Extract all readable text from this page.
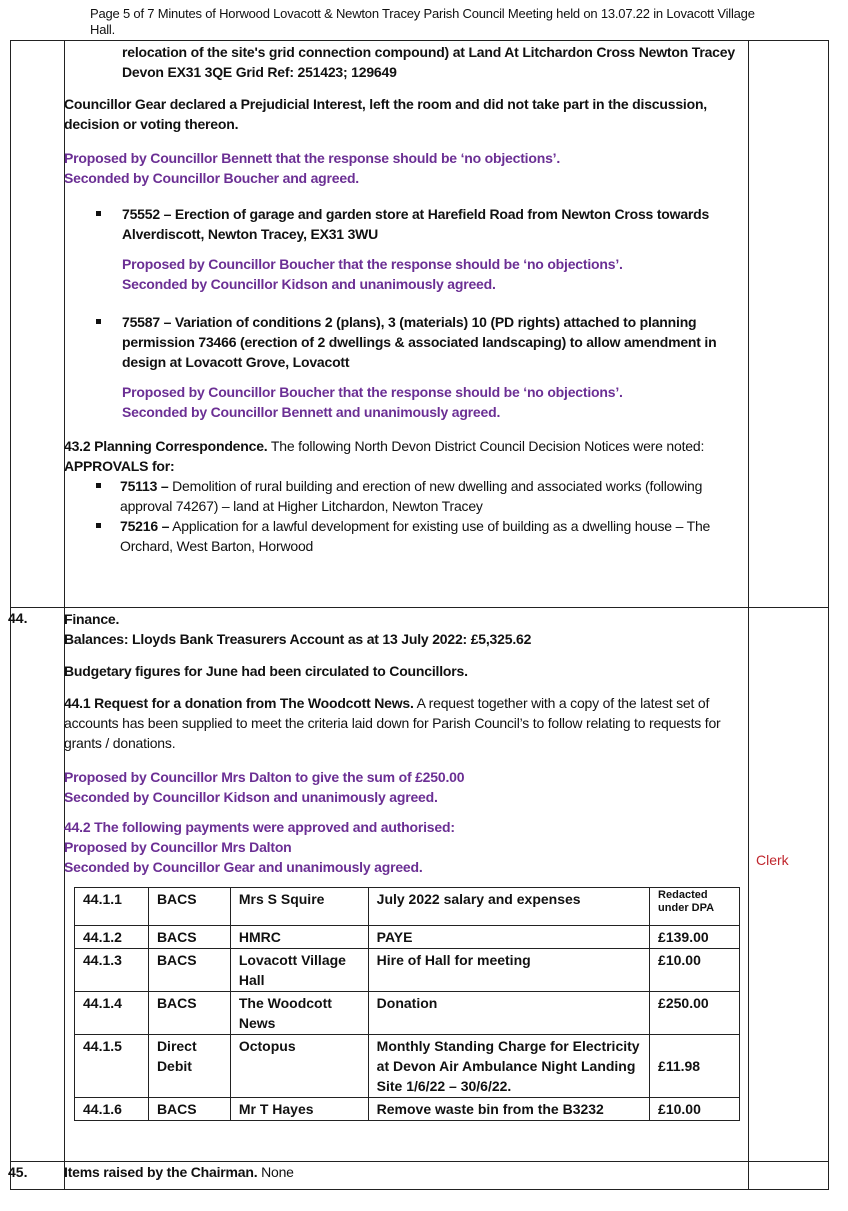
Page 5 of 7 Minutes of Horwood Lovacott & Newton Tracey Parish Council Meeting held on 13.07.22 in Lovacott Village Hall.

relocation of the site's grid connection compound) at Land At Litchardon Cross Newton Tracey Devon EX31 3QE Grid Ref: 251423; 129649

Councillor Gear declared a Prejudicial Interest, left the room and did not take part in the discussion, decision or voting thereon.

Proposed by Councillor Bennett that the response should be ‘no objections’.

Seconded by Councillor Boucher and agreed.

75552 – Erection of garage and garden store at Harefield Road from Newton Cross towards Alverdiscott, Newton Tracey, EX31 3WU

Proposed by Councillor Boucher that the response should be ‘no objections’.

Seconded by Councillor Kidson and unanimously agreed.

75587 – Variation of conditions 2 (plans), 3 (materials) 10 (PD rights) attached to planning permission 73466 (erection of 2 dwellings & associated landscaping) to allow amendment in design at Lovacott Grove, Lovacott

Proposed by Councillor Boucher that the response should be ‘no objections’.

Seconded by Councillor Bennett and unanimously agreed.

43.2 Planning Correspondence. The following North Devon District Council Decision Notices were noted:

APPROVALS for:

75113 – Demolition of rural building and erection of new dwelling and associated works (following approval 74267) – land at Higher Litchardon, Newton Tracey
75216 – Application for a lawful development for existing use of building as a dwelling house – The Orchard, West Barton, Horwood
44.	Finance.

Balances: Lloyds Bank Treasurers Account as at 13 July 2022: £5,325.62

Budgetary figures for June had been circulated to Councillors.

44.1 Request for a donation from The Woodcott News. A request together with a copy of the latest set of accounts has been supplied to meet the criteria laid down for Parish Council’s to follow relating to requests for grants / donations.

Proposed by Councillor Mrs Dalton to give the sum of £250.00

Seconded by Councillor Kidson and unanimously agreed.

44.2 The following payments were approved and authorised:

Proposed by Councillor Mrs Dalton

Seconded by Councillor Gear and unanimously agreed.	Clerk
44.1.1	BACS	Mrs S Squire	July 2022 salary and expenses	Redacted under DPA
44.1.2	BACS	HMRC	PAYE	£139.00
44.1.3	BACS	Lovacott Village Hall	Hire of Hall for meeting	£10.00
44.1.4	BACS	The Woodcott News	Donation	£250.00
44.1.5	Direct Debit	Octopus	Monthly Standing Charge for Electricity at Devon Air Ambulance Night Landing Site 1/6/22 – 30/6/22.	£11.98
44.1.6	BACS	Mr T Hayes	Remove waste bin from the B3232	£10.00
45.	Items raised by the Chairman. None
